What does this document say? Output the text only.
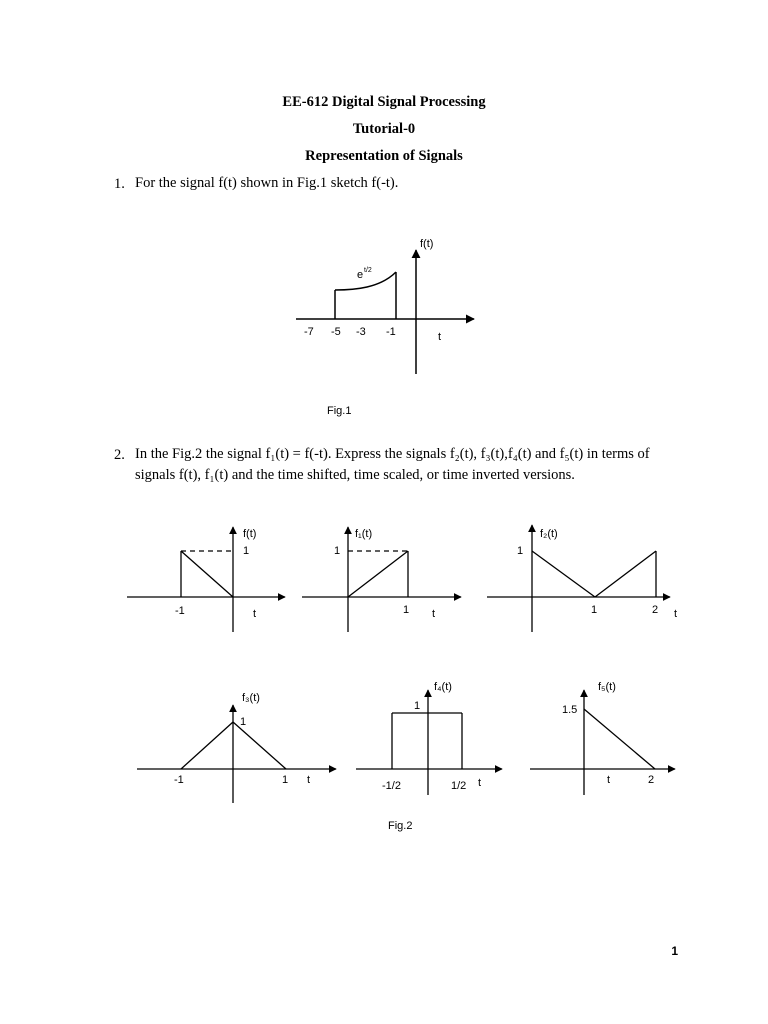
EE-612 Digital Signal Processing
Tutorial-0
Representation of Signals
1. For the signal f(t) shown in Fig.1 sketch f(-t).
2. In the Fig.2 the signal f₁(t) = f(-t). Express the signals f₂(t), f₃(t),f₄(t) and f₅(t) in terms of
signals f(t), f₁(t) and the time shifted, time scaled, or time inverted versions.
Fig.1
Fig.2
1
f(t)
e t/2
-7 -5 -3 -1	t
f(t)
1
-1	t
f₁(t)
1
1 t
f₂(t)
1
1	2 t
f₃(t)
1
-1	1 t
f₄(t)
1
-1/2	1/2 t
f₅(t)
1.5
t	2
